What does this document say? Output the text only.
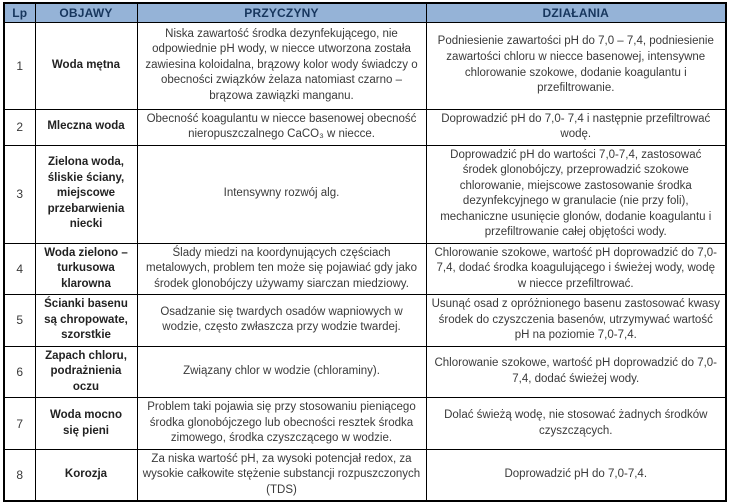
Lp	OBJAWY	PRZYCZYNY	DZIAŁANIA
1	Woda mętna	Niska zawartość środka dezynfekującego, nie odpowiednie pH wody, w niecce utworzona została zawiesina koloidalna, brązowy kolor wody świadczy o obecności związków żelaza natomiast czarno – brązowa zawiązki manganu.	Podniesienie zawartości pH do 7,0 – 7,4, podniesienie zawartości chloru w niecce basenowej, intensywne chlorowanie szokowe, dodanie koagulantu i przefiltrowanie.
2	Mleczna woda	Obecność koagulantu w niecce basenowej obecność nieropuszczalnego CaCO₃ w niecce.	Doprowadzić pH do 7,0- 7,4 i następnie przefiltrować wodę.
3	Zielona woda, śliskie ściany, miejscowe przebarwienia niecki	Intensywny rozwój alg.	Doprowadzić pH do wartości 7,0-7,4, zastosować środek glonobójczy, przeprowadzić szokowe chlorowanie, miejscowe zastosowanie środka dezynfekcyjnego w granulacie (nie przy foli), mechaniczne usunięcie glonów, dodanie koagulantu i przefiltrowanie całej objętości wody.
4	Woda zielono – turkusowa klarowna	Ślady miedzi na koordynujących częściach metalowych, problem ten może się pojawiać gdy jako środek glonobójczy używamy siarczan miedziowy.	Chlorowanie szokowe, wartość pH doprowadzić do 7,0-7,4, dodać środka koagulującego i świeżej wody, wodę w niecce przefiltrować.
5	Ścianki basenu są chropowate, szorstkie	Osadzanie się twardych osadów wapniowych w wodzie, często zwłaszcza przy wodzie twardej.	Usunąć osad z opróżnionego basenu zastosować kwasy środek do czyszczenia basenów, utrzymywać wartość pH na poziomie 7,0-7,4.
6	Zapach chloru, podrażnienia oczu	Związany chlor w wodzie (chloraminy).	Chlorowanie szokowe, wartość pH doprowadzić do 7,0-7,4, dodać świeżej wody.
7	Woda mocno się pieni	Problem taki pojawia się przy stosowaniu pieniącego środka glonobójczego lub obecności resztek środka zimowego, środka czyszczącego w wodzie.	Dolać świeżą wodę, nie stosować żadnych środków czyszczących.
8	Korozja	Za niska wartość pH, za wysoki potencjał redox, za wysokie całkowite stężenie substancji rozpuszczonych (TDS)	Doprowadzić pH do 7,0-7,4.
